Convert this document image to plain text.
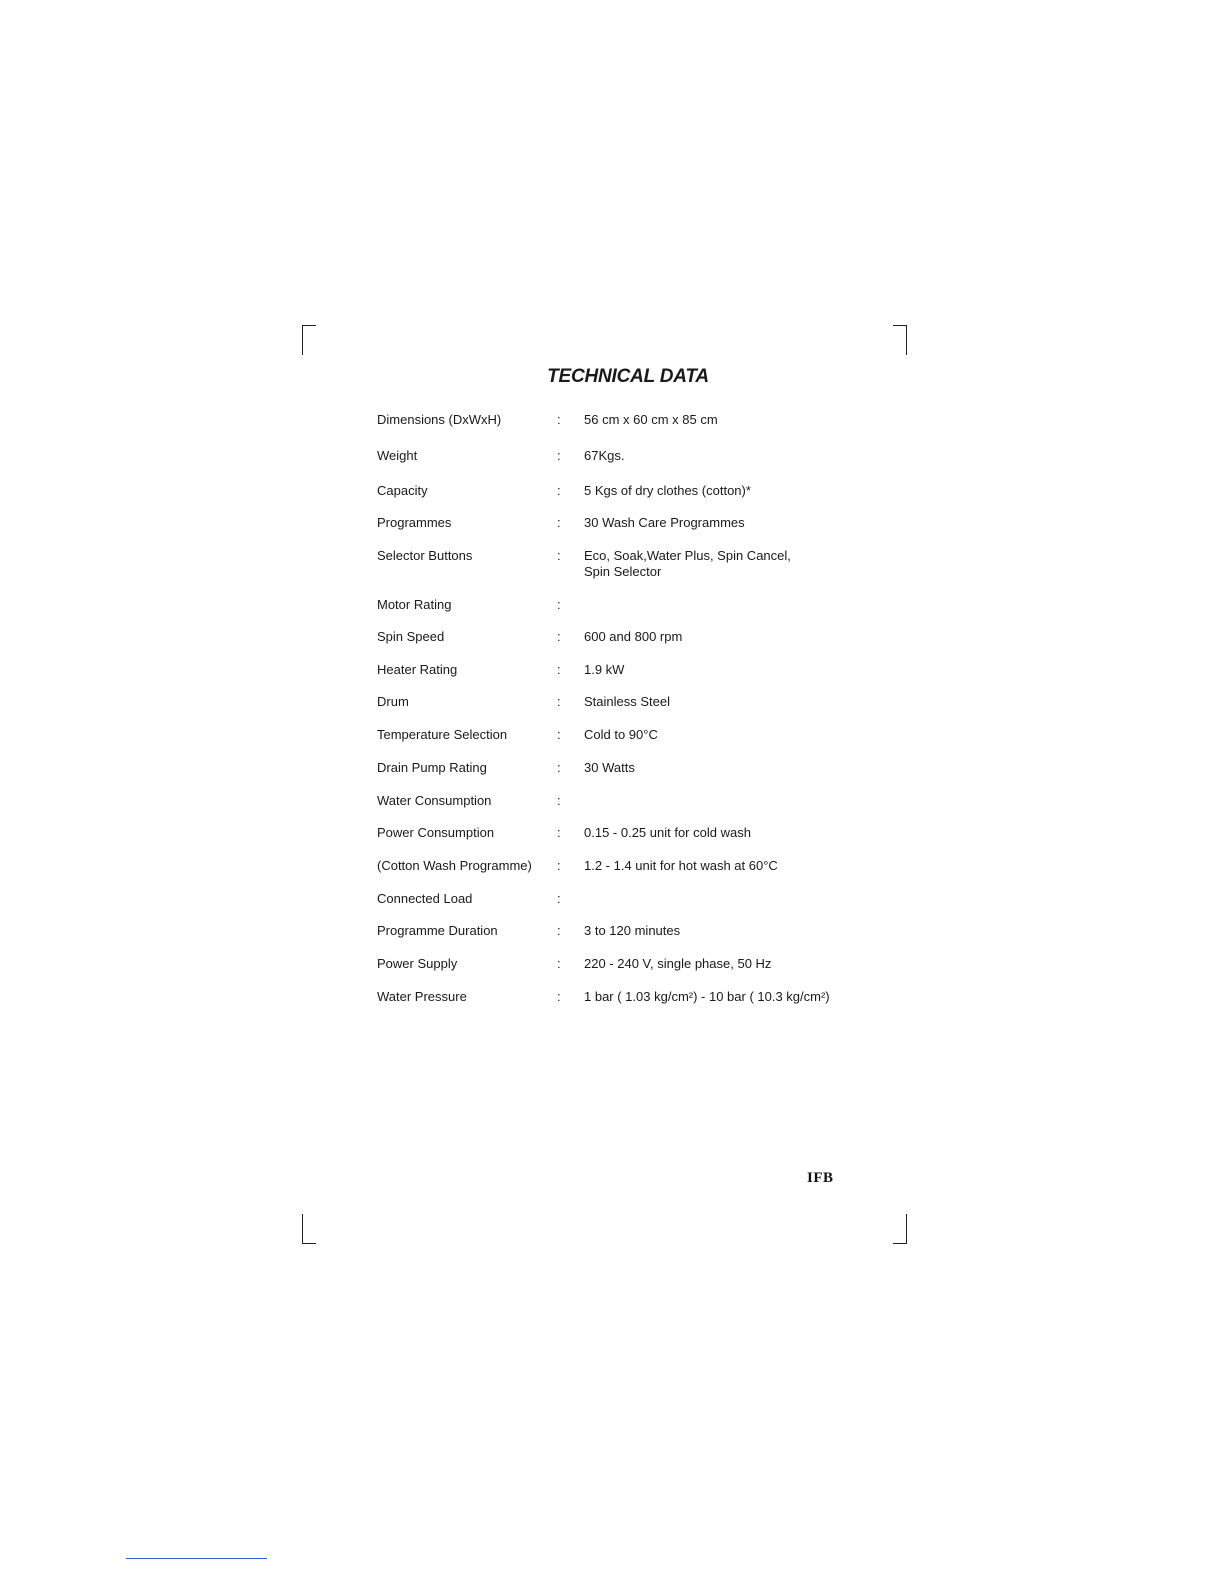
TECHNICAL DATA
Dimensions (DxWxH)	:	56 cm x 60 cm x 85 cm
Weight	:	67Kgs.
Capacity	:	5 Kgs of dry clothes (cotton)*
Programmes	:	30 Wash Care Programmes
Selector Buttons	:	Eco, Soak,Water Plus, Spin Cancel,
Spin Selector
Motor Rating	:
Spin Speed	:	600 and 800 rpm
Heater Rating	:	1.9 kW
Drum	:	Stainless Steel
Temperature Selection	:	Cold to 90°C
Drain Pump Rating	:	30 Watts
Water Consumption	:
Power Consumption	:	0.15 - 0.25 unit for cold wash
(Cotton Wash Programme)	:	1.2 - 1.4 unit for hot wash at 60°C
Connected Load	:
Programme Duration	:	3 to 120 minutes
Power Supply	:	220 - 240 V, single phase, 50 Hz
Water Pressure	:	1 bar ( 1.03 kg/cm²) - 10 bar ( 10.3 kg/cm²)
IFB
